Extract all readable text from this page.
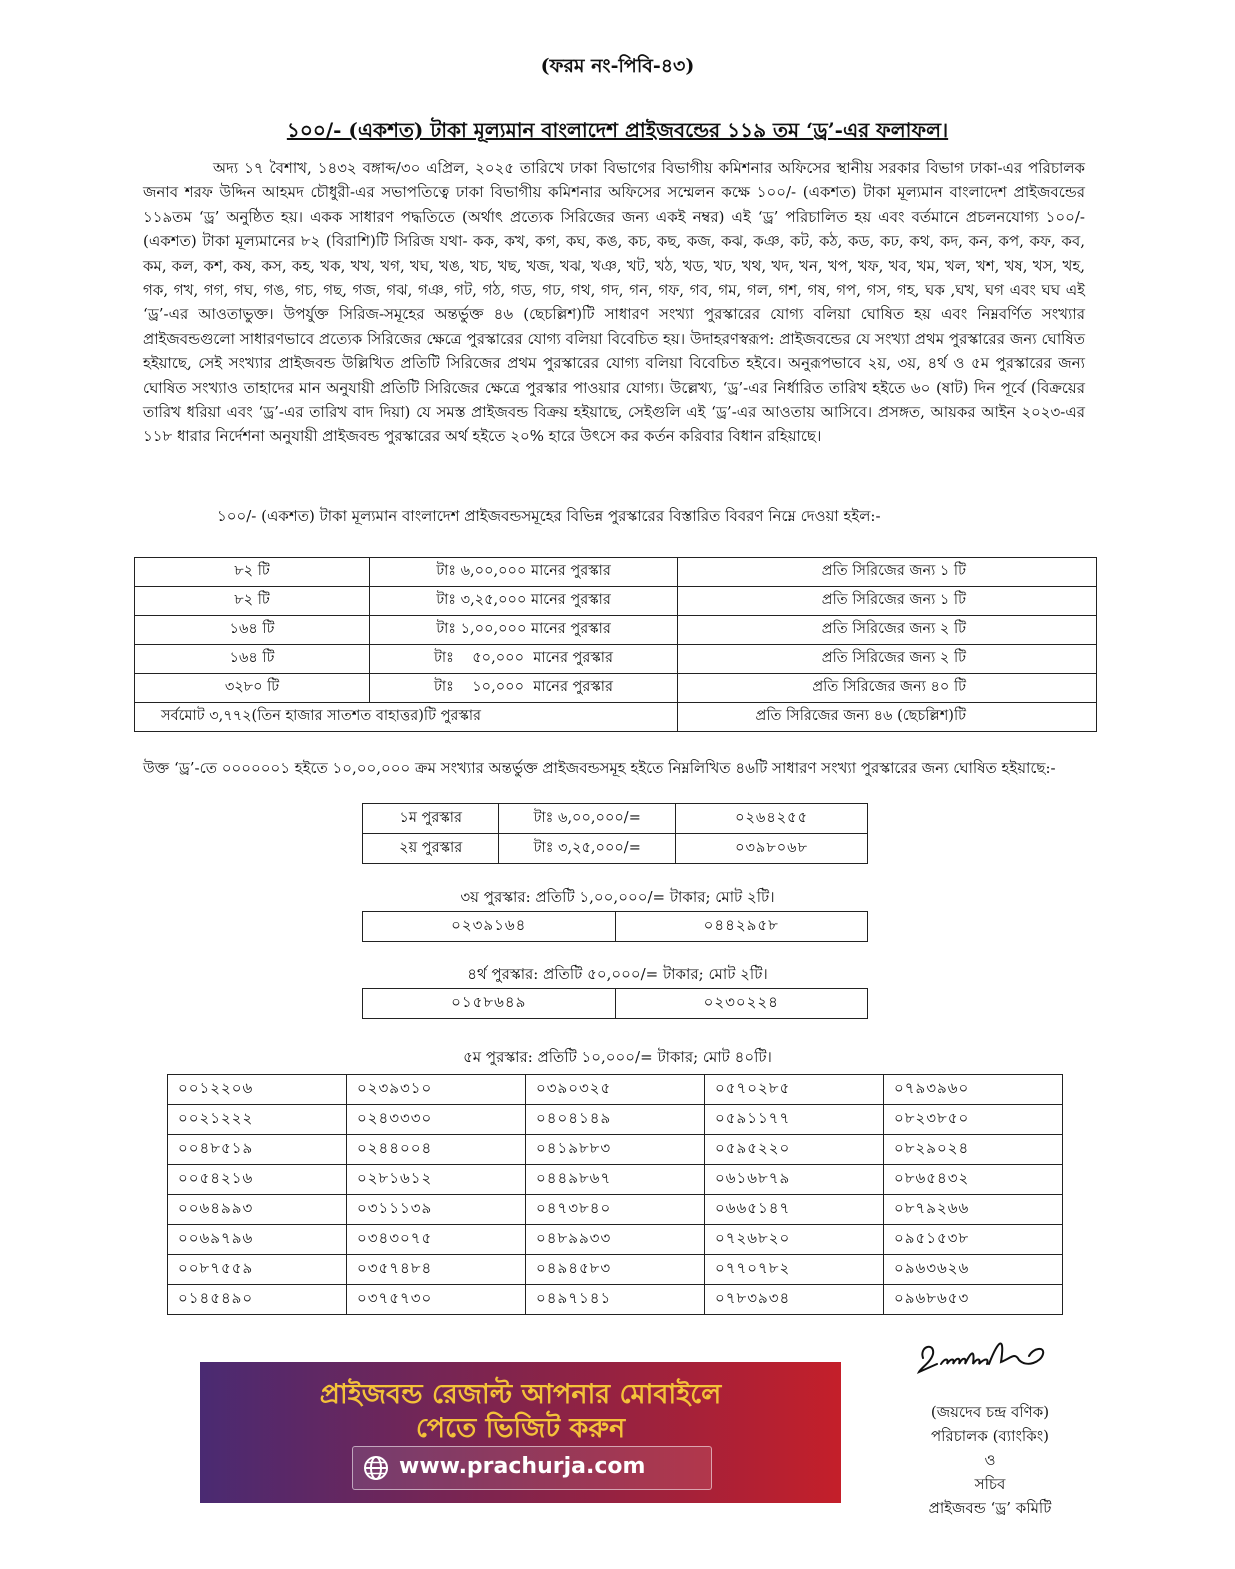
(ফরম নং-পিবি-৪৩)
১০০/- (একশত) টাকা মূল্যমান বাংলাদেশ প্রাইজবন্ডের ১১৯ তম ‘ড্র’-এর ফলাফল।
অদ্য ১৭ বৈশাখ, ১৪৩২ বঙ্গাব্দ/৩০ এপ্রিল, ২০২৫ তারিখে ঢাকা বিভাগের বিভাগীয় কমিশনার অফিসের স্থানীয় সরকার বিভাগ ঢাকা-এর পরিচালক জনাব শরফ উদ্দিন আহমদ চৌধুরী-এর সভাপতিত্বে ঢাকা বিভাগীয় কমিশনার অফিসের সম্মেলন কক্ষে ১০০/- (একশত) টাকা মূল্যমান বাংলাদেশ প্রাইজবন্ডের ১১৯তম ‘ড্র’ অনুষ্ঠিত হয়। একক সাধারণ পদ্ধতিতে (অর্থাৎ প্রত্যেক সিরিজের জন্য একই নম্বর) এই ‘ড্র’ পরিচালিত হয় এবং বর্তমানে প্রচলনযোগ্য ১০০/- (একশত) টাকা মূল্যমানের ৮২ (বিরাশি)টি সিরিজ যথা- কক, কখ, কগ, কঘ, কঙ, কচ, কছ, কজ, কঝ, কঞ, কট, কঠ, কড, কঢ, কথ, কদ, কন, কপ, কফ, কব, কম, কল, কশ, কষ, কস, কহ, খক, খখ, খগ, খঘ, খঙ, খচ, খছ, খজ, খঝ, খঞ, খট, খঠ, খড, খঢ, খথ, খদ, খন, খপ, খফ, খব, খম, খল, খশ, খষ, খস, খহ, গক, গখ, গগ, গঘ, গঙ, গচ, গছ, গজ, গঝ, গঞ, গট, গঠ, গড, গঢ, গথ, গদ, গন, গফ, গব, গম, গল, গশ, গষ, গপ, গস, গহ, ঘক ,ঘখ, ঘগ এবং ঘঘ এই ‘ড্র’-এর আওতাভুক্ত। উপর্যুক্ত সিরিজ-সমূহের অন্তর্ভুক্ত ৪৬ (ছেচল্লিশ)টি সাধারণ সংখ্যা পুরস্কারের যোগ্য বলিয়া ঘোষিত হয় এবং নিম্নবর্ণিত সংখ্যার প্রাইজবন্ডগুলো সাধারণভাবে প্রত্যেক সিরিজের ক্ষেত্রে পুরস্কারের যোগ্য বলিয়া বিবেচিত হয়। উদাহরণস্বরূপ: প্রাইজবন্ডের যে সংখ্যা প্রথম পুরস্কারের জন্য ঘোষিত হইয়াছে, সেই সংখ্যার প্রাইজবন্ড উল্লিখিত প্রতিটি সিরিজের প্রথম পুরস্কারের যোগ্য বলিয়া বিবেচিত হইবে। অনুরূপভাবে ২য়, ৩য়, ৪র্থ ও ৫ম পুরস্কারের জন্য ঘোষিত সংখ্যাও তাহাদের মান অনুযায়ী প্রতিটি সিরিজের ক্ষেত্রে পুরস্কার পাওয়ার যোগ্য। উল্লেখ্য, ‘ড্র’-এর নির্ধারিত তারিখ হইতে ৬০ (ষাট) দিন পূর্বে (বিক্রয়ের তারিখ ধরিয়া এবং ‘ড্র’-এর তারিখ বাদ দিয়া) যে সমস্ত প্রাইজবন্ড বিক্রয় হইয়াছে, সেইগুলি এই ‘ড্র’-এর আওতায় আসিবে। প্রসঙ্গত, আয়কর আইন ২০২৩-এর ১১৮ ধারার নির্দেশনা অনুযায়ী প্রাইজবন্ড পুরস্কারের অর্থ হইতে ২০% হারে উৎসে কর কর্তন করিবার বিধান রহিয়াছে।
১০০/- (একশত) টাকা মূল্যমান বাংলাদেশ প্রাইজবন্ডসমূহের বিভিন্ন পুরস্কারের বিস্তারিত বিবরণ নিম্নে দেওয়া হইল:-
৮২ টি	টাঃ ৬,০০,০০০ মানের পুরস্কার	প্রতি সিরিজের জন্য ১ টি
৮২ টি	টাঃ ৩,২৫,০০০ মানের পুরস্কার	প্রতি সিরিজের জন্য ১ টি
১৬৪ টি	টাঃ ১,০০,০০০ মানের পুরস্কার	প্রতি সিরিজের জন্য ২ টি
১৬৪ টি	টাঃ    ৫০,০০০  মানের পুরস্কার	প্রতি সিরিজের জন্য ২ টি
৩২৮০ টি	টাঃ    ১০,০০০  মানের পুরস্কার	প্রতি সিরিজের জন্য ৪০ টি
সর্বমোট ৩,৭৭২(তিন হাজার সাতশত বাহাত্তর)টি পুরস্কার		প্রতি সিরিজের জন্য ৪৬ (ছেচল্লিশ)টি
উক্ত ‘ড্র’-তে ০০০০০০১ হইতে ১০,০০,০০০ ক্রম সংখ্যার অন্তর্ভুক্ত প্রাইজবন্ডসমূহ হইতে নিম্নলিখিত ৪৬টি সাধারণ সংখ্যা পুরস্কারের জন্য ঘোষিত হইয়াছে:-
১ম পুরস্কার	টাঃ ৬,০০,০০০/=	০২৬৪২৫৫
২য় পুরস্কার	টাঃ ৩,২৫,০০০/=	০৩৯৮০৬৮
৩য় পুরস্কার: প্রতিটি ১,০০,০০০/= টাকার; মোট ২টি।
০২৩৯১৬৪	০৪৪২৯৫৮
৪র্থ পুরস্কার: প্রতিটি ৫০,০০০/= টাকার; মোট ২টি।
০১৫৮৬৪৯	০২৩০২২৪
৫ম পুরস্কার: প্রতিটি ১০,০০০/= টাকার; মোট ৪০টি।
০০১২২০৬	০২৩৯৩১০	০৩৯০৩২৫	০৫৭০২৮৫	০৭৯৩৯৬০
০০২১২২২	০২৪৩৩৩০	০৪০৪১৪৯	০৫৯১১৭৭	০৮২৩৮৫০
০০৪৮৫১৯	০২৪৪০০৪	০৪১৯৮৮৩	০৫৯৫২২০	০৮২৯০২৪
০০৫৪২১৬	০২৮১৬১২	০৪৪৯৮৬৭	০৬১৬৮৭৯	০৮৬৫৪৩২
০০৬৪৯৯৩	০৩১১১৩৯	০৪৭৩৮৪০	০৬৬৫১৪৭	০৮৭৯২৬৬
০০৬৯৭৯৬	০৩৪৩০৭৫	০৪৮৯৯৩৩	০৭২৬৮২০	০৯৫১৫৩৮
০০৮৭৫৫৯	০৩৫৭৪৮৪	০৪৯৪৫৮৩	০৭৭০৭৮২	০৯৬৩৬২৬
০১৪৫৪৯০	০৩৭৫৭৩০	০৪৯৭১৪১	০৭৮৩৯৩৪	০৯৬৮৬৫৩
প্রাইজবন্ড রেজাল্ট আপনার মোবাইলে
পেতে ভিজিট করুন
www.prachurja.com
(জয়দেব চন্দ্র বণিক)
পরিচালক (ব্যাংকিং)
ও
সচিব
প্রাইজবন্ড ‘ড্র’ কমিটি
